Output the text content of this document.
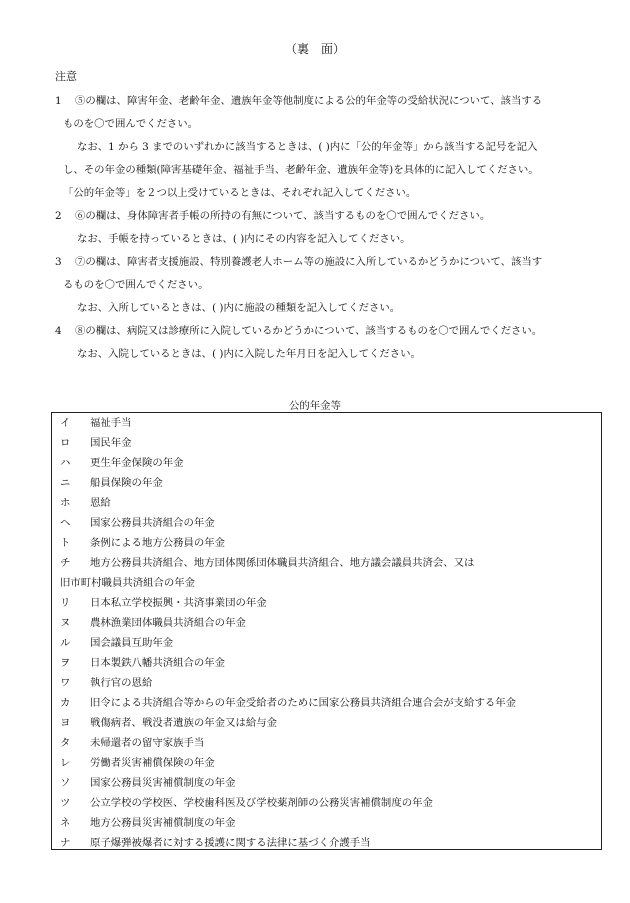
（裏　面）
注意
1 ⑤の欄は、障害年金、老齢年金、遺族年金等他制度による公的年金等の受給状況について、該当する
ものを〇で囲んでください。
なお、1 から 3 までのいずれかに該当するときは、( )内に「公的年金等」から該当する記号を記入
し、その年金の種類(障害基礎年金、福祉手当、老齢年金、遺族年金等)を具体的に記入してください。
「公的年金等」を２つ以上受けているときは、それぞれ記入してください。
2 ⑥の欄は、身体障害者手帳の所持の有無について、該当するものを〇で囲んでください。
なお、手帳を持っているときは、( )内にその内容を記入してください。
3 ⑦の欄は、障害者支援施設、特別養護老人ホーム等の施設に入所しているかどうかについて、該当す
るものを〇で囲んでください。
なお、入所しているときは、( )内に施設の種類を記入してください。
4 ⑧の欄は、病院又は診療所に入院しているかどうかについて、該当するものを〇で囲んでください。
なお、入院しているときは、( )内に入院した年月日を記入してください。
公的年金等
イ 福祉手当
ロ 国民年金
ハ 更生年金保険の年金
ニ 船員保険の年金
ホ 恩給
ヘ 国家公務員共済組合の年金
ト 条例による地方公務員の年金
チ 地方公務員共済組合、地方団体関係団体職員共済組合、地方議会議員共済会、又は
旧市町村職員共済組合の年金
リ 日本私立学校振興・共済事業団の年金
ヌ 農林漁業団体職員共済組合の年金
ル 国会議員互助年金
ヲ 日本製鉄八幡共済組合の年金
ワ 執行官の恩給
カ 旧令による共済組合等からの年金受給者のために国家公務員共済組合連合会が支給する年金
ヨ 戦傷病者、戦没者遺族の年金又は給与金
タ 未帰還者の留守家族手当
レ 労働者災害補償保険の年金
ソ 国家公務員災害補償制度の年金
ツ 公立学校の学校医、学校歯科医及び学校薬剤師の公務災害補償制度の年金
ネ 地方公務員災害補償制度の年金
ナ 原子爆弾被爆者に対する援護に関する法律に基づく介護手当
